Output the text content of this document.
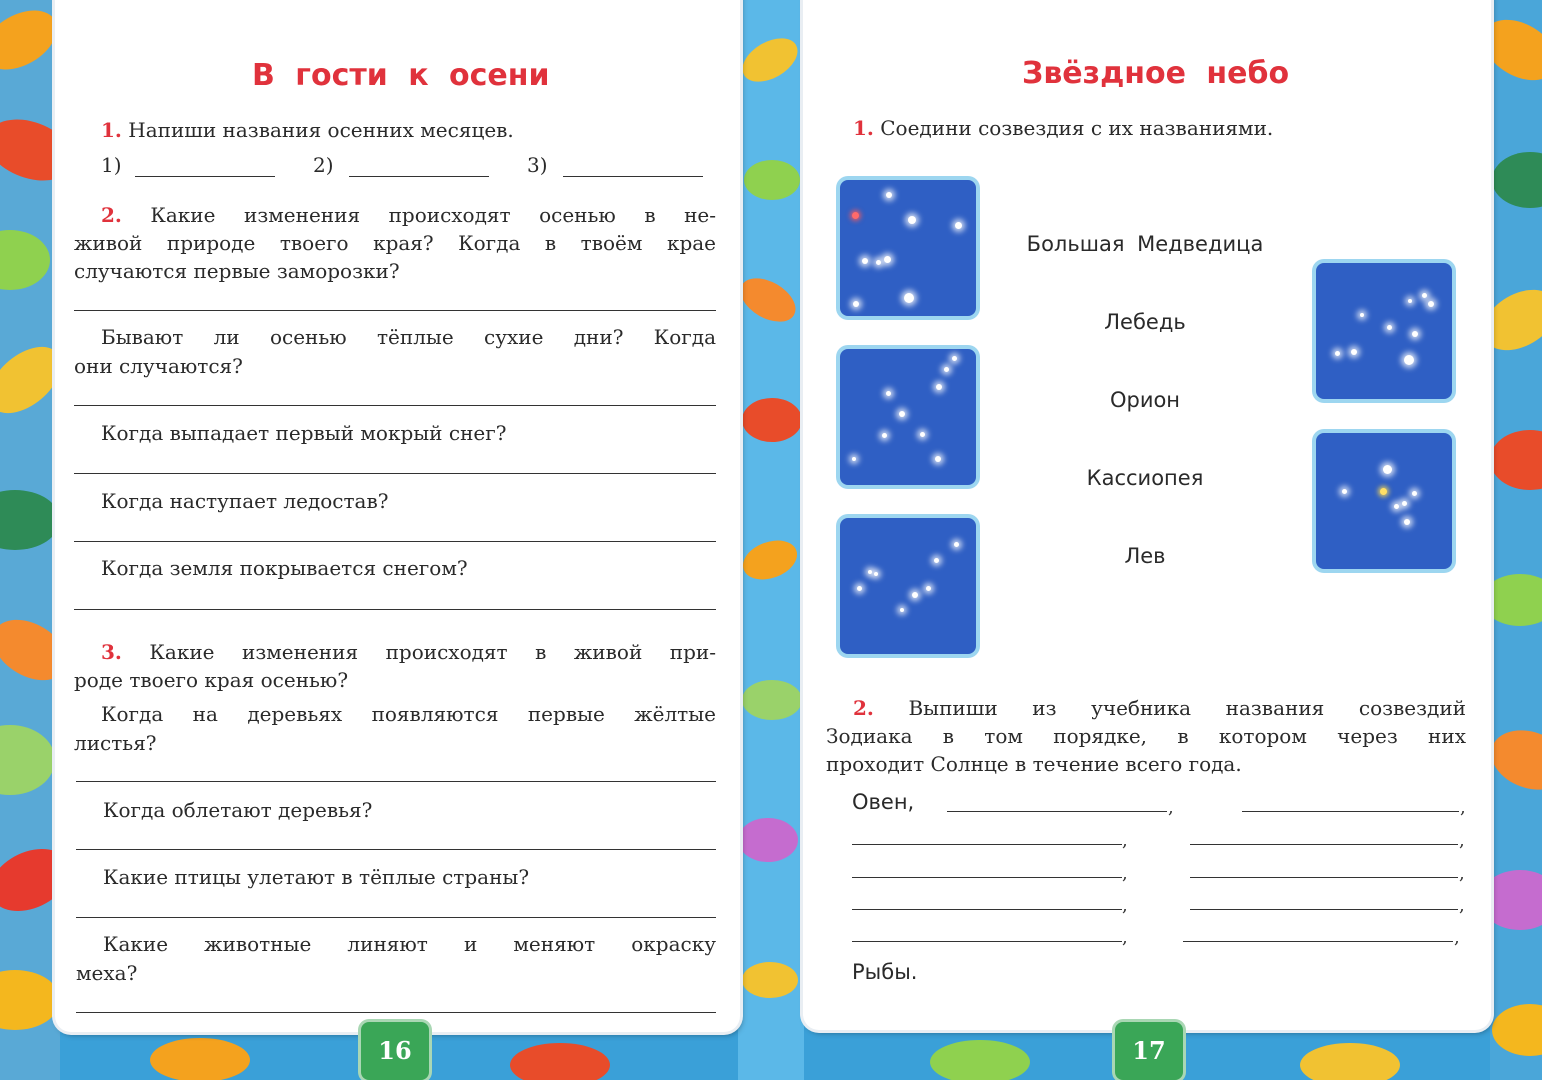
В гости к осени
1. Напиши названия осенних месяцев.
1)	2)	3)
2. Какие изменения происходят осенью в не-
живой природе твоего края? Когда в твоём крае
случаются первые заморозки?
Бывают ли осенью тёплые сухие дни? Когда
они случаются?
Когда выпадает первый мокрый снег?
Когда наступает ледостав?
Когда земля покрывается снегом?
3. Какие изменения происходят в живой при-
роде твоего края осенью?
Когда на деревьях появляются первые жёлтые
листья?
Когда облетают деревья?
Какие птицы улетают в тёплые страны?
Какие животные линяют и меняют окраску
меха?
16
Звёздное небо
1. Соедини созвездия с их названиями.
Большая Медведица
Лебедь
Орион
Кассиопея
Лев
2. Выпиши из учебника названия созвездий
Зодиака в том порядке, в котором через них
проходит Солнце в течение всего года.
Овен,	,	,
,	,
,	,
,	,
,	,
Рыбы.
17
